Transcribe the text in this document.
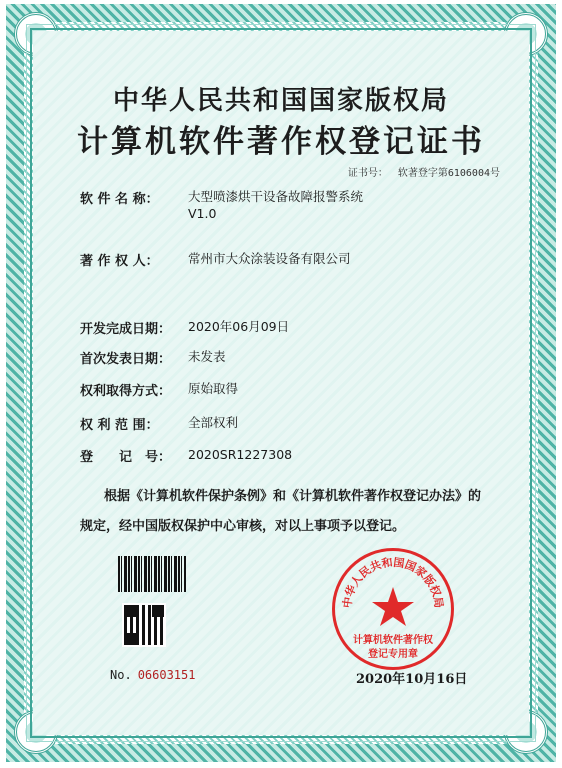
中华人民共和国国家版权局
计算机软件著作权登记证书
证书号： 软著登字第6106004号
软 件 名 称：	大型喷漆烘干设备故障报警系统
V1.0
著 作 权 人：	常州市大众涂装设备有限公司
开发完成日期：	2020年06月09日
首次发表日期：	未发表
权利取得方式：	原始取得
权 利 范 围：	全部权利
登　　记　号：	2020SR1227308
根据《计算机软件保护条例》和《计算机软件著作权登记办法》的
规定，经中国版权保护中心审核，对以上事项予以登记。
No. 06603151
中华人民共和国国家版权局
计算机软件著作权
登记专用章
2020年10月16日
